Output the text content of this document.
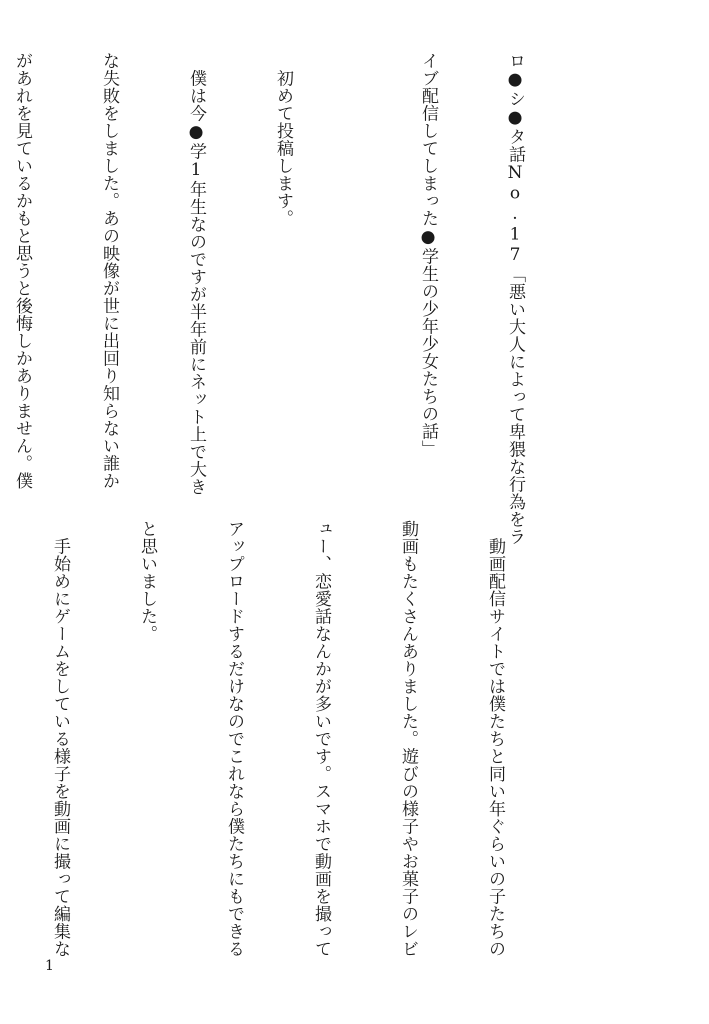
ロ●シ●タ話No.17「悪い大人によって卑猥な行為をラ

イブ配信してしまった●学生の少年少女たちの話」

　初めて投稿します。

　僕は今●学1年生なのですが半年前にネット上で大き

な失敗をしました。あの映像が世に出回り知らない誰か

があれを見ているかもと思うと後悔しかありません。僕

　動画配信サイトでは僕たちと同い年ぐらいの子たちの

動画もたくさんありました。遊びの様子やお菓子のレビ

ュー、恋愛話なんかが多いです。スマホで動画を撮って

アップロードするだけなのでこれなら僕たちにもできる

と思いました。

　手始めにゲームをしている様子を動画に撮って編集な

1
